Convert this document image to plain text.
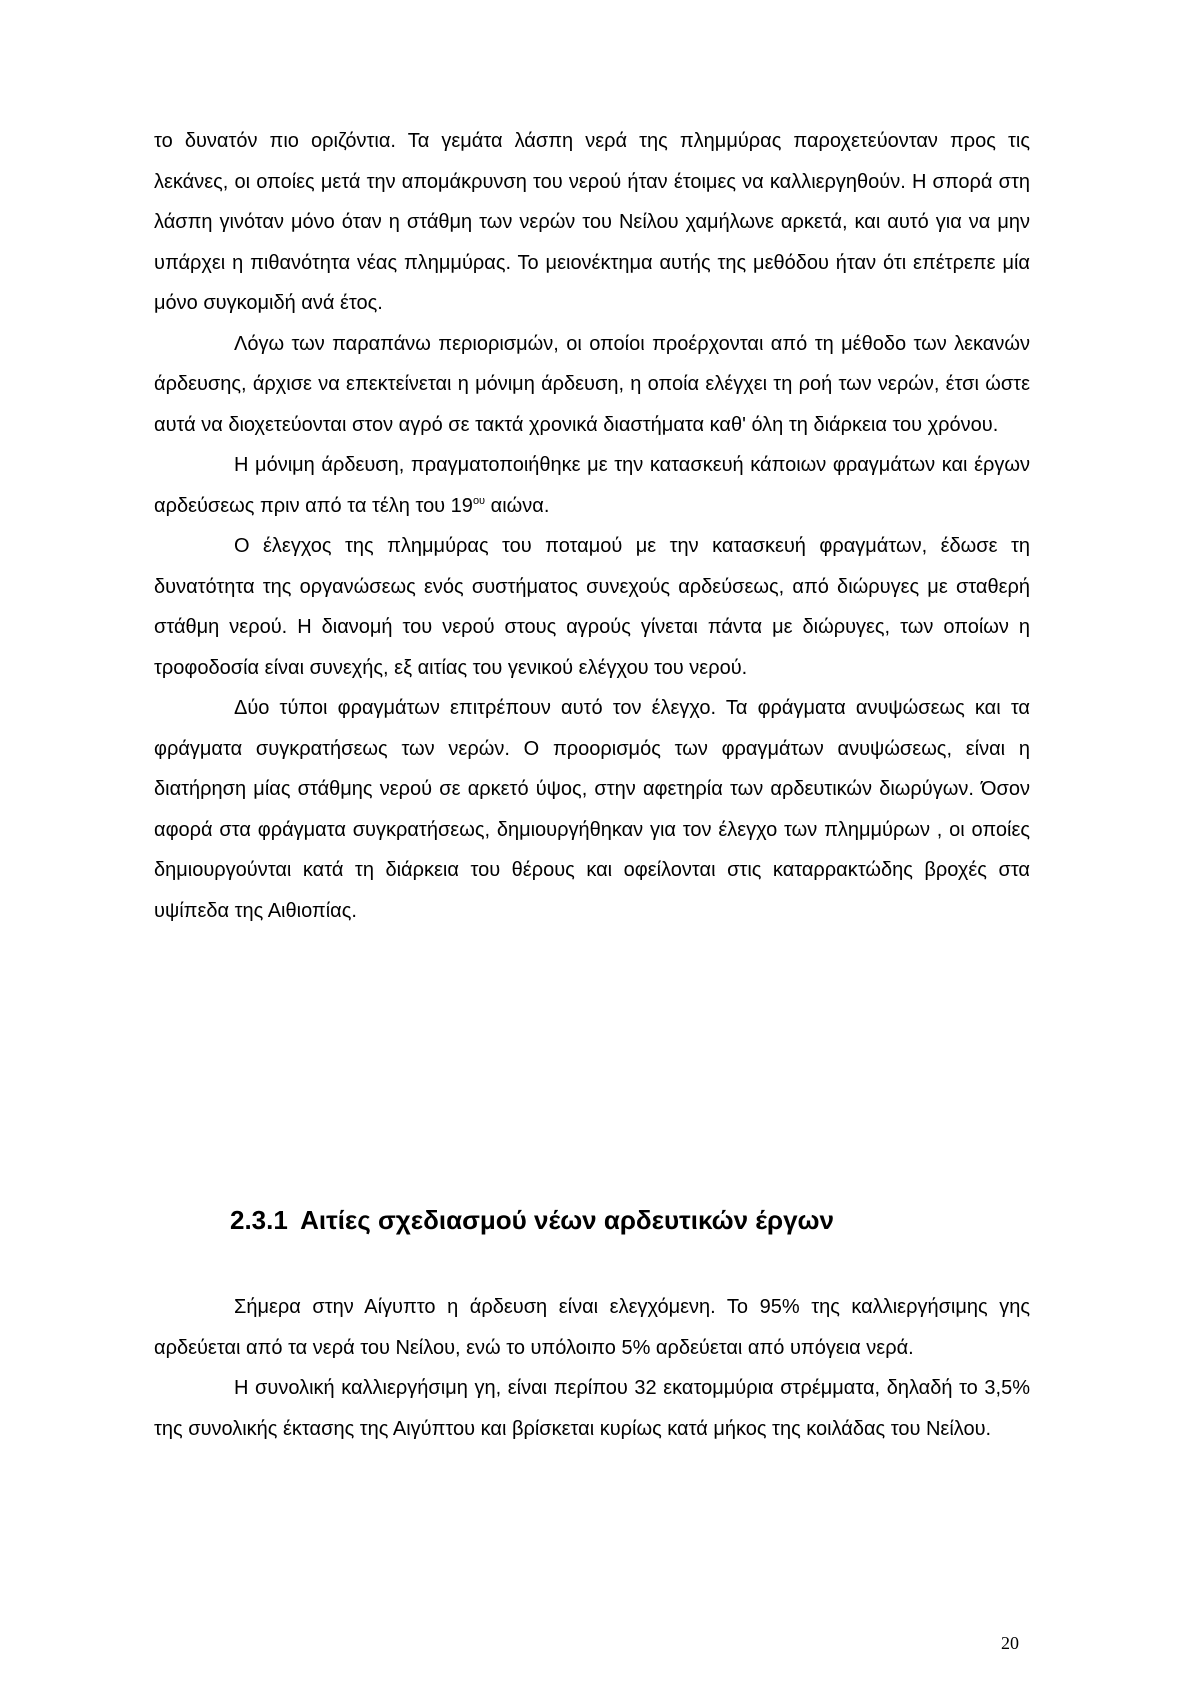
το δυνατόν πιο οριζόντια. Τα γεμάτα λάσπη νερά της πλημμύρας παροχετεύονταν προς τις λεκάνες, οι οποίες μετά την απομάκρυνση του νερού ήταν έτοιμες να καλλιεργηθούν. Η σπορά στη λάσπη γινόταν μόνο όταν η στάθμη των νερών του Νείλου χαμήλωνε αρκετά, και αυτό για να μην υπάρχει η πιθανότητα νέας πλημμύρας. Το μειονέκτημα αυτής της μεθόδου ήταν ότι επέτρεπε μία μόνο συγκομιδή ανά έτος.

Λόγω των παραπάνω περιορισμών, οι οποίοι προέρχονται από τη μέθοδο των λεκανών άρδευσης, άρχισε να επεκτείνεται η μόνιμη άρδευση, η οποία ελέγχει τη ροή των νερών, έτσι ώστε αυτά να διοχετεύονται στον αγρό σε τακτά χρονικά διαστήματα καθ' όλη τη διάρκεια του χρόνου.

Η μόνιμη άρδευση, πραγματοποιήθηκε με την κατασκευή κάποιων φραγμάτων και έργων αρδεύσεως πριν από τα τέλη του $19^{o\upsilon}$ αιώνα.

Ο έλεγχος της πλημμύρας του ποταμού με την κατασκευή φραγμάτων, έδωσε τη δυνατότητα της οργανώσεως ενός συστήματος συνεχούς αρδεύσεως, από διώρυγες με σταθερή στάθμη νερού. Η διανομή του νερού στους αγρούς γίνεται πάντα με διώρυγες, των οποίων η τροφοδοσία είναι συνεχής, εξ αιτίας του γενικού ελέγχου του νερού.

Δύο τύποι φραγμάτων επιτρέπουν αυτό τον έλεγχο. Τα φράγματα ανυψώσεως και τα φράγματα συγκρατήσεως των νερών. Ο προορισμός των φραγμάτων ανυψώσεως, είναι η διατήρηση μίας στάθμης νερού σε αρκετό ύψος, στην αφετηρία των αρδευτικών διωρύγων. Όσον αφορά στα φράγματα συγκρατήσεως, δημιουργήθηκαν για τον έλεγχο των πλημμύρων , οι οποίες δημιουργούνται κατά τη διάρκεια του θέρους και οφείλονται στις καταρρακτώδης βροχές στα υψίπεδα της Αιθιοπίας.

2.3.1 Αιτίες σχεδιασμού νέων αρδευτικών έργων

Σήμερα στην Αίγυπτο η άρδευση είναι ελεγχόμενη. Το 95% της καλλιεργήσιμης γης αρδεύεται από τα νερά του Νείλου, ενώ το υπόλοιπο 5% αρδεύεται από υπόγεια νερά.

Η συνολική καλλιεργήσιμη γη, είναι περίπου 32 εκατομμύρια στρέμματα, δηλαδή το 3,5% της συνολικής έκτασης της Αιγύπτου και βρίσκεται κυρίως κατά μήκος της κοιλάδας του Νείλου.

20
